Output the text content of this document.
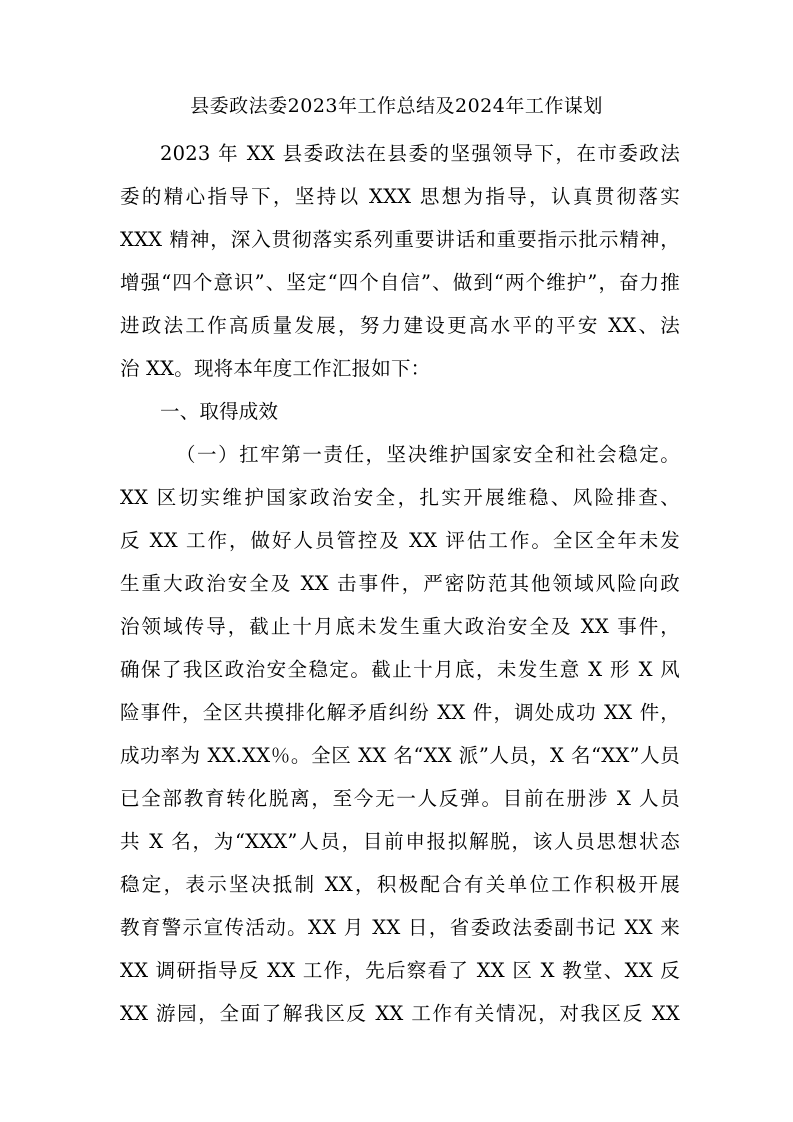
县委政法委2023年工作总结及2024年工作谋划
2023 年 XX 县委政法在县委的坚强领导下，在市委政法
委的精心指导下，坚持以 XXX 思想为指导，认真贯彻落实
XXX 精神，深入贯彻落实系列重要讲话和重要指示批示精神，
增强“四个意识”、坚定“四个自信”、做到“两个维护”，奋力推
进政法工作高质量发展，努力建设更高水平的平安 XX、法
治 XX。现将本年度工作汇报如下：
一、取得成效
（一）扛牢第一责任，坚决维护国家安全和社会稳定。
XX 区切实维护国家政治安全，扎实开展维稳、风险排查、
反 XX 工作，做好人员管控及 XX 评估工作。全区全年未发
生重大政治安全及 XX 击事件，严密防范其他领域风险向政
治领域传导，截止十月底未发生重大政治安全及 XX 事件，
确保了我区政治安全稳定。截止十月底，未发生意 X 形 X 风
险事件，全区共摸排化解矛盾纠纷 XX 件，调处成功 XX 件，
成功率为 XX.XX％。全区 XX 名“XX 派”人员，X 名“XX”人员
已全部教育转化脱离，至今无一人反弹。目前在册涉 X 人员
共 X 名，为“XXX”人员，目前申报拟解脱，该人员思想状态
稳定，表示坚决抵制 XX，积极配合有关单位工作积极开展
教育警示宣传活动。XX 月 XX 日，省委政法委副书记 XX 来
XX 调研指导反 XX 工作，先后察看了 XX 区 X 教堂、XX 反
XX 游园，全面了解我区反 XX 工作有关情况，对我区反 XX
